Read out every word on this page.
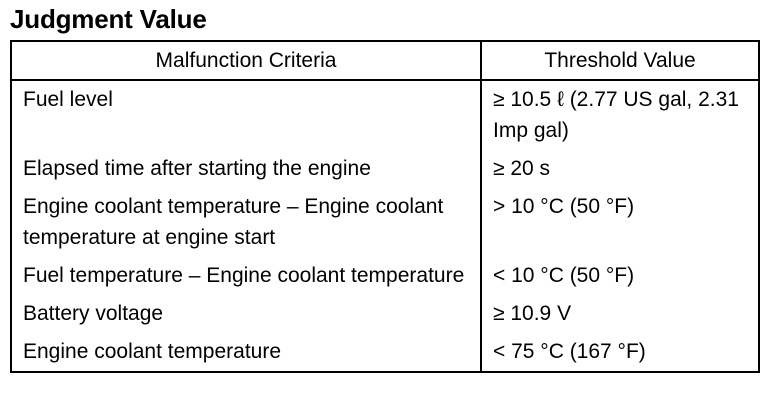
Judgment Value
Malfunction Criteria	Threshold Value
Fuel level	≥ 10.5 ℓ (2.77 US gal, 2.31 Imp gal)
Elapsed time after starting the engine	≥ 20 s
Engine coolant temperature – Engine coolant temperature at engine start	> 10 °C (50 °F)
Fuel temperature – Engine coolant temperature	< 10 °C (50 °F)
Battery voltage	≥ 10.9 V
Engine coolant temperature	< 75 °C (167 °F)
